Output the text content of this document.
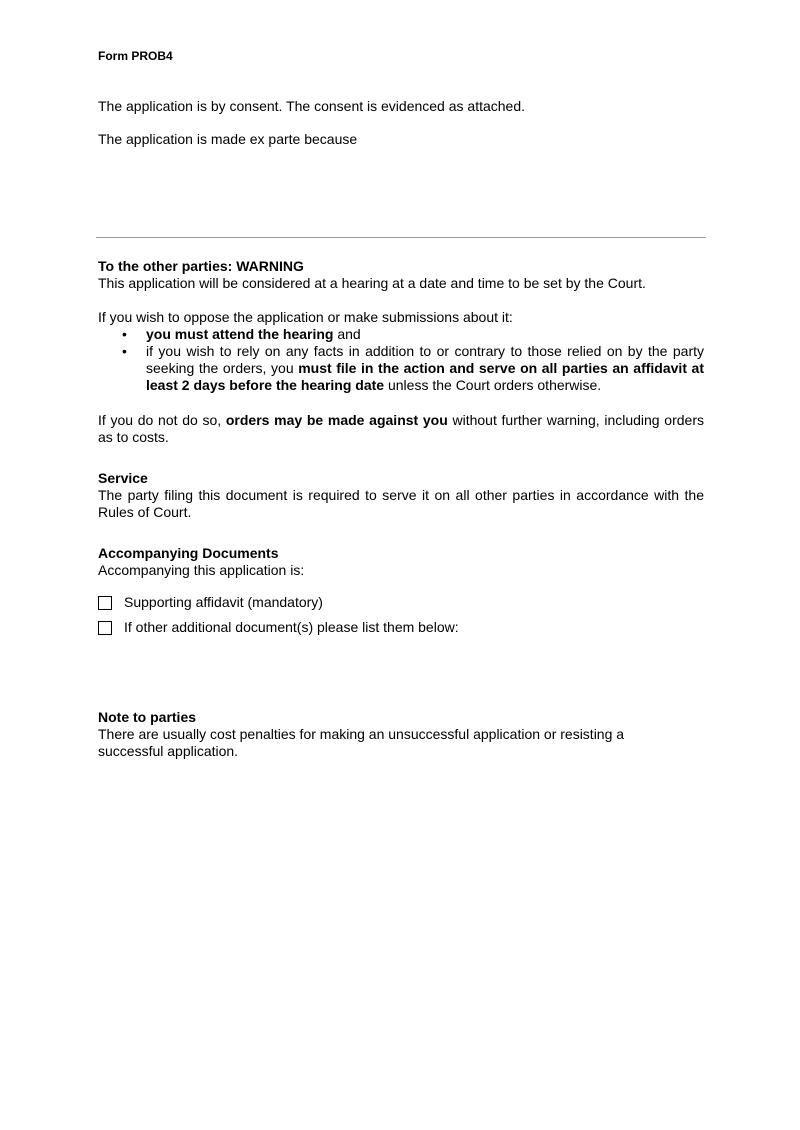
Form PROB4
The application is by consent. The consent is evidenced as attached.
The application is made ex parte because
To the other parties: WARNING
This application will be considered at a hearing at a date and time to be set by the Court.
If you wish to oppose the application or make submissions about it:
• you must attend the hearing and
• if you wish to rely on any facts in addition to or contrary to those relied on by the party seeking the orders, you must file in the action and serve on all parties an affidavit at least 2 days before the hearing date unless the Court orders otherwise.
If you do not do so, orders may be made against you without further warning, including orders as to costs.
Service
The party filing this document is required to serve it on all other parties in accordance with the Rules of Court.
Accompanying Documents
Accompanying this application is:
Supporting affidavit (mandatory)
If other additional document(s) please list them below:
Note to parties
There are usually cost penalties for making an unsuccessful application or resisting a successful application.
